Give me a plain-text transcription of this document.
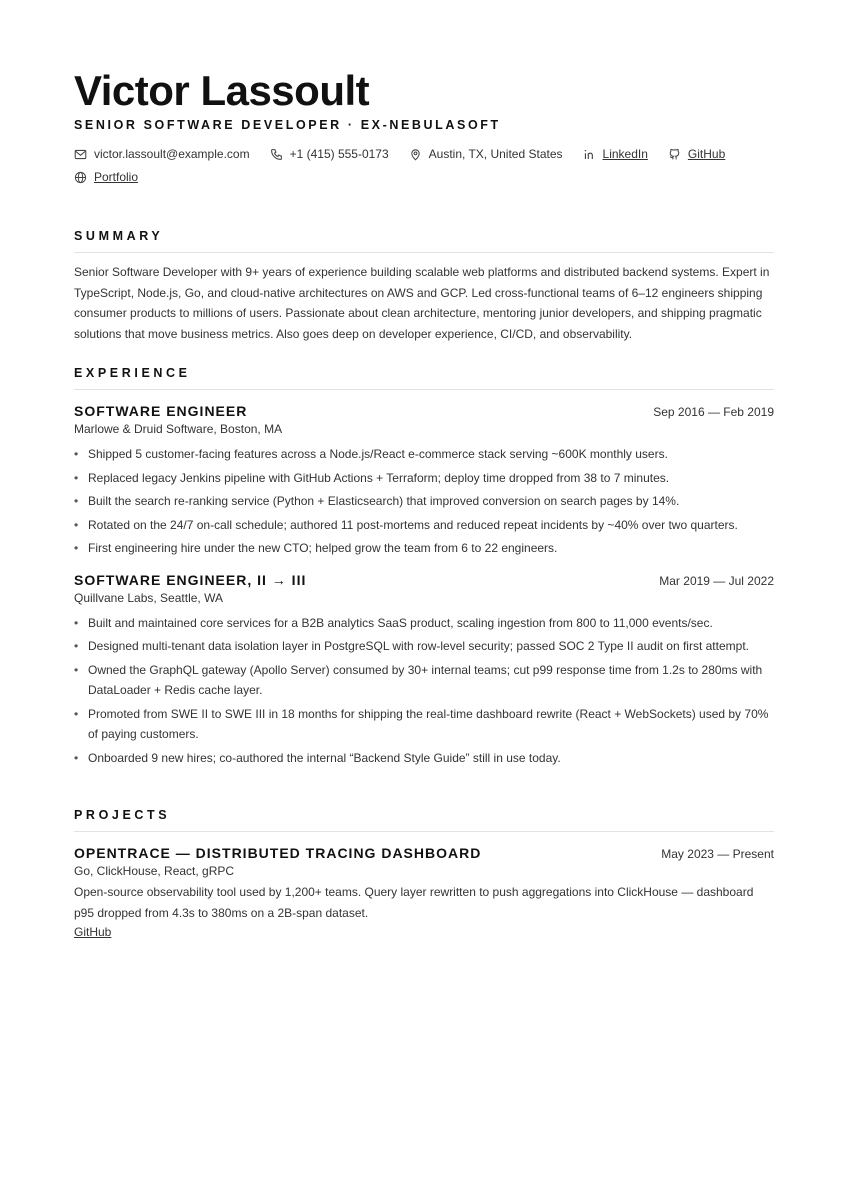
Victor Lassoult
SENIOR SOFTWARE DEVELOPER · EX-NEBULASOFT
victor.lassoult@example.com	+1 (415) 555-0173	Austin, TX, United States	LinkedIn	GitHub
Portfolio
SUMMARY
Senior Software Developer with 9+ years of experience building scalable web platforms and distributed backend systems. Expert in TypeScript, Node.js, Go, and cloud-native architectures on AWS and GCP. Led cross-functional teams of 6–12 engineers shipping consumer products to millions of users. Passionate about clean architecture, mentoring junior developers, and shipping pragmatic solutions that move business metrics. Also goes deep on developer experience, CI/CD, and observability.
EXPERIENCE
SOFTWARE ENGINEER	Sep 2016 — Feb 2019
Marlowe & Druid Software, Boston, MA
• Shipped 5 customer-facing features across a Node.js/React e-commerce stack serving ~600K monthly users.
• Replaced legacy Jenkins pipeline with GitHub Actions + Terraform; deploy time dropped from 38 to 7 minutes.
• Built the search re-ranking service (Python + Elasticsearch) that improved conversion on search pages by 14%.
• Rotated on the 24/7 on-call schedule; authored 11 post-mortems and reduced repeat incidents by ~40% over two quarters.
• First engineering hire under the new CTO; helped grow the team from 6 to 22 engineers.
SOFTWARE ENGINEER, II → III	Mar 2019 — Jul 2022
Quillvane Labs, Seattle, WA
• Built and maintained core services for a B2B analytics SaaS product, scaling ingestion from 800 to 11,000 events/sec.
• Designed multi-tenant data isolation layer in PostgreSQL with row-level security; passed SOC 2 Type II audit on first attempt.
• Owned the GraphQL gateway (Apollo Server) consumed by 30+ internal teams; cut p99 response time from 1.2s to 280ms with DataLoader + Redis cache layer.
• Promoted from SWE II to SWE III in 18 months for shipping the real-time dashboard rewrite (React + WebSockets) used by 70% of paying customers.
• Onboarded 9 new hires; co-authored the internal “Backend Style Guide” still in use today.
PROJECTS
OPENTRACE — DISTRIBUTED TRACING DASHBOARD	May 2023 — Present
Go, ClickHouse, React, gRPC
Open-source observability tool used by 1,200+ teams. Query layer rewritten to push aggregations into ClickHouse — dashboard p95 dropped from 4.3s to 380ms on a 2B-span dataset.
GitHub
